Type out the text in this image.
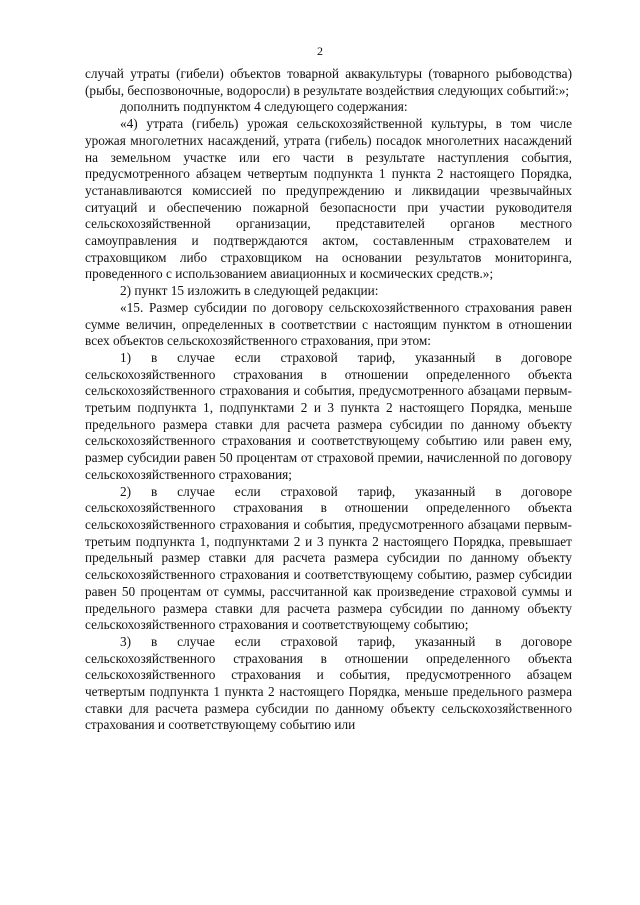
2

случай утраты (гибели) объектов товарной аквакультуры (товарного рыбоводства) (рыбы, беспозвоночные, водоросли) в результате воздействия следующих событий:»;

дополнить подпунктом 4 следующего содержания:

«4) утрата (гибель) урожая сельскохозяйственной культуры, в том числе урожая многолетних насаждений, утрата (гибель) посадок многолетних насаждений на земельном участке или его части в результате наступления события, предусмотренного абзацем четвертым подпункта 1 пункта 2 настоящего Порядка, устанавливаются комиссией по предупреждению и ликвидации чрезвычайных ситуаций и обеспечению пожарной безопасности при участии руководителя сельскохозяйственной организации, представителей органов местного самоуправления и подтверждаются актом, составленным страхователем и страховщиком либо страховщиком на основании результатов мониторинга, проведенного с использованием авиационных и космических средств.»;

2) пункт 15 изложить в следующей редакции:

«15. Размер субсидии по договору сельскохозяйственного страхования равен сумме величин, определенных в соответствии с настоящим пунктом в отношении всех объектов сельскохозяйственного страхования, при этом:

1) в случае если страховой тариф, указанный в договоре сельскохозяйственного страхования в отношении определенного объекта сельскохозяйственного страхования и события, предусмотренного абзацами первым-третьим подпункта 1, подпунктами 2 и 3 пункта 2 настоящего Порядка, меньше предельного размера ставки для расчета размера субсидии по данному объекту сельскохозяйственного страхования и соответствующему событию или равен ему, размер субсидии равен 50 процентам от страховой премии, начисленной по договору сельскохозяйственного страхования;

2) в случае если страховой тариф, указанный в договоре сельскохозяйственного страхования в отношении определенного объекта сельскохозяйственного страхования и события, предусмотренного абзацами первым-третьим подпункта 1, подпунктами 2 и 3 пункта 2 настоящего Порядка, превышает предельный размер ставки для расчета размера субсидии по данному объекту сельскохозяйственного страхования и соответствующему событию, размер субсидии равен 50 процентам от суммы, рассчитанной как произведение страховой суммы и предельного размера ставки для расчета размера субсидии по данному объекту сельскохозяйственного страхования и соответствующему событию;

3) в случае если страховой тариф, указанный в договоре сельскохозяйственного страхования в отношении определенного объекта сельскохозяйственного страхования и события, предусмотренного абзацем четвертым подпункта 1 пункта 2 настоящего Порядка, меньше предельного размера ставки для расчета размера субсидии по данному объекту сельскохозяйственного страхования и соответствующему событию или
